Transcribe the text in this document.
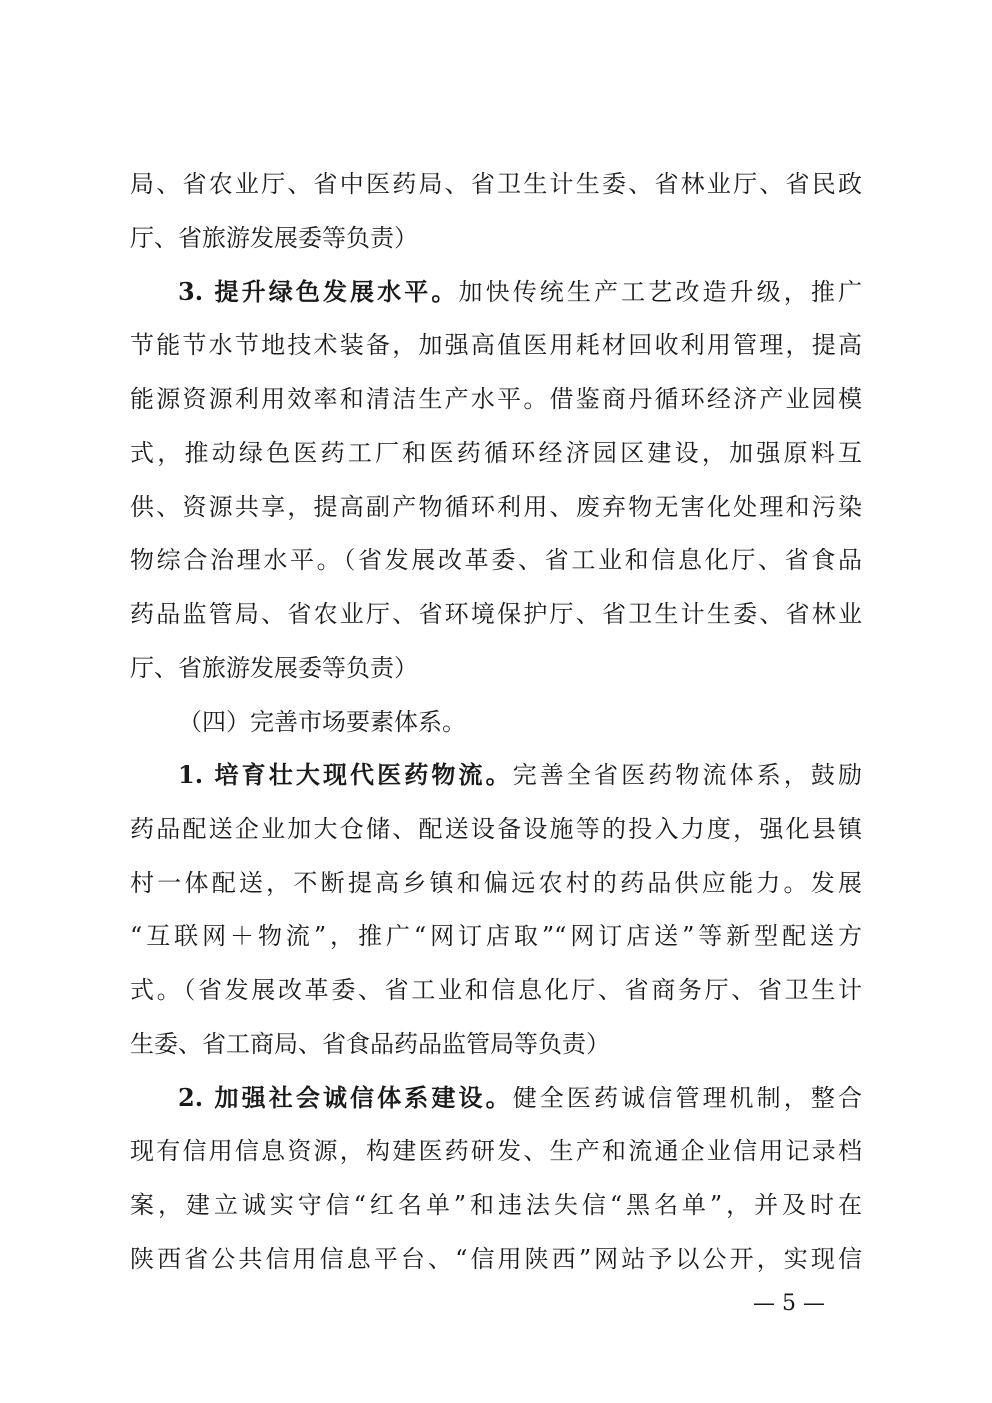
局、省农业厅、省中医药局、省卫生计生委、省林业厅、省民政
厅、省旅游发展委等负责）
3. 提升绿色发展水平。加快传统生产工艺改造升级，推广
节能节水节地技术装备，加强高值医用耗材回收利用管理，提高
能源资源利用效率和清洁生产水平。借鉴商丹循环经济产业园模
式，推动绿色医药工厂和医药循环经济园区建设，加强原料互
供、资源共享，提高副产物循环利用、废弃物无害化处理和污染
物综合治理水平。（省发展改革委、省工业和信息化厅、省食品
药品监管局、省农业厅、省环境保护厅、省卫生计生委、省林业
厅、省旅游发展委等负责）
（四）完善市场要素体系。
1. 培育壮大现代医药物流。完善全省医药物流体系，鼓励
药品配送企业加大仓储、配送设备设施等的投入力度，强化县镇
村一体配送，不断提高乡镇和偏远农村的药品供应能力。发展
“互联网＋物流”，推广“网订店取”“网订店送”等新型配送方
式。（省发展改革委、省工业和信息化厅、省商务厅、省卫生计
生委、省工商局、省食品药品监管局等负责）
2. 加强社会诚信体系建设。健全医药诚信管理机制，整合
现有信用信息资源，构建医药研发、生产和流通企业信用记录档
案，建立诚实守信“红名单”和违法失信“黑名单”，并及时在
陕西省公共信用信息平台、“信用陕西”网站予以公开，实现信
— 5 —
